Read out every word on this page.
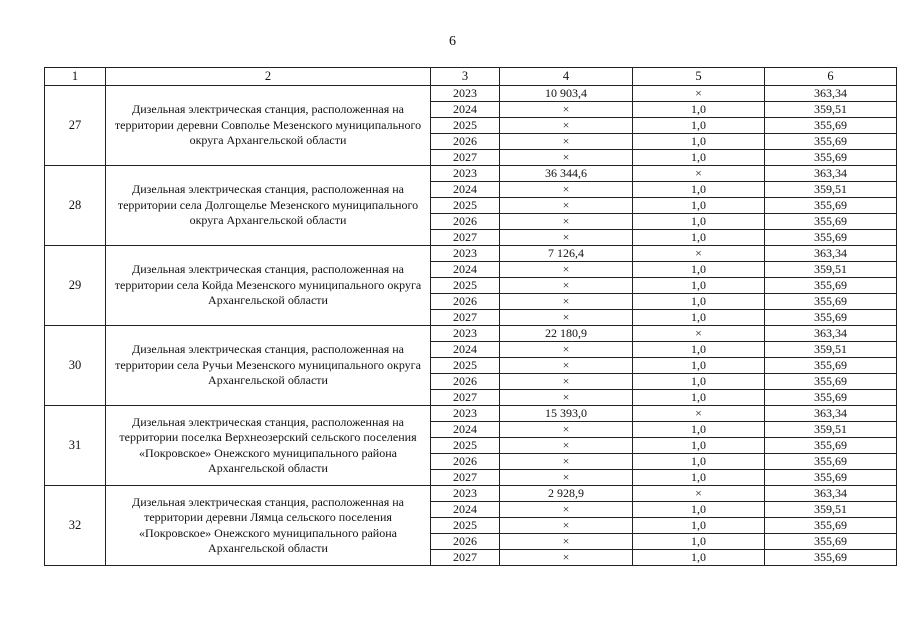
6
1	2	3	4	5	6
27	Дизельная электрическая станция, расположенная на территории деревни Совполье Мезенского муниципального округа Архангельской области	2023	10 903,4	×	363,34
		2024	×	1,0	359,51
		2025	×	1,0	355,69
		2026	×	1,0	355,69
		2027	×	1,0	355,69
28	Дизельная электрическая станция, расположенная на территории села Долгощелье Мезенского муниципального округа Архангельской области	2023	36 344,6	×	363,34
		2024	×	1,0	359,51
		2025	×	1,0	355,69
		2026	×	1,0	355,69
		2027	×	1,0	355,69
29	Дизельная электрическая станция, расположенная на территории села Койда Мезенского муниципального округа Архангельской области	2023	7 126,4	×	363,34
		2024	×	1,0	359,51
		2025	×	1,0	355,69
		2026	×	1,0	355,69
		2027	×	1,0	355,69
30	Дизельная электрическая станция, расположенная на территории села Ручьи Мезенского муниципального округа Архангельской области	2023	22 180,9	×	363,34
		2024	×	1,0	359,51
		2025	×	1,0	355,69
		2026	×	1,0	355,69
		2027	×	1,0	355,69
31	Дизельная электрическая станция, расположенная на территории поселка Верхнеозерский сельского поселения «Покровское» Онежского муниципального района Архангельской области	2023	15 393,0	×	363,34
		2024	×	1,0	359,51
		2025	×	1,0	355,69
		2026	×	1,0	355,69
		2027	×	1,0	355,69
32	Дизельная электрическая станция, расположенная на территории деревни Лямца сельского поселения «Покровское» Онежского муниципального района Архангельской области	2023	2 928,9	×	363,34
		2024	×	1,0	359,51
		2025	×	1,0	355,69
		2026	×	1,0	355,69
		2027	×	1,0	355,69
